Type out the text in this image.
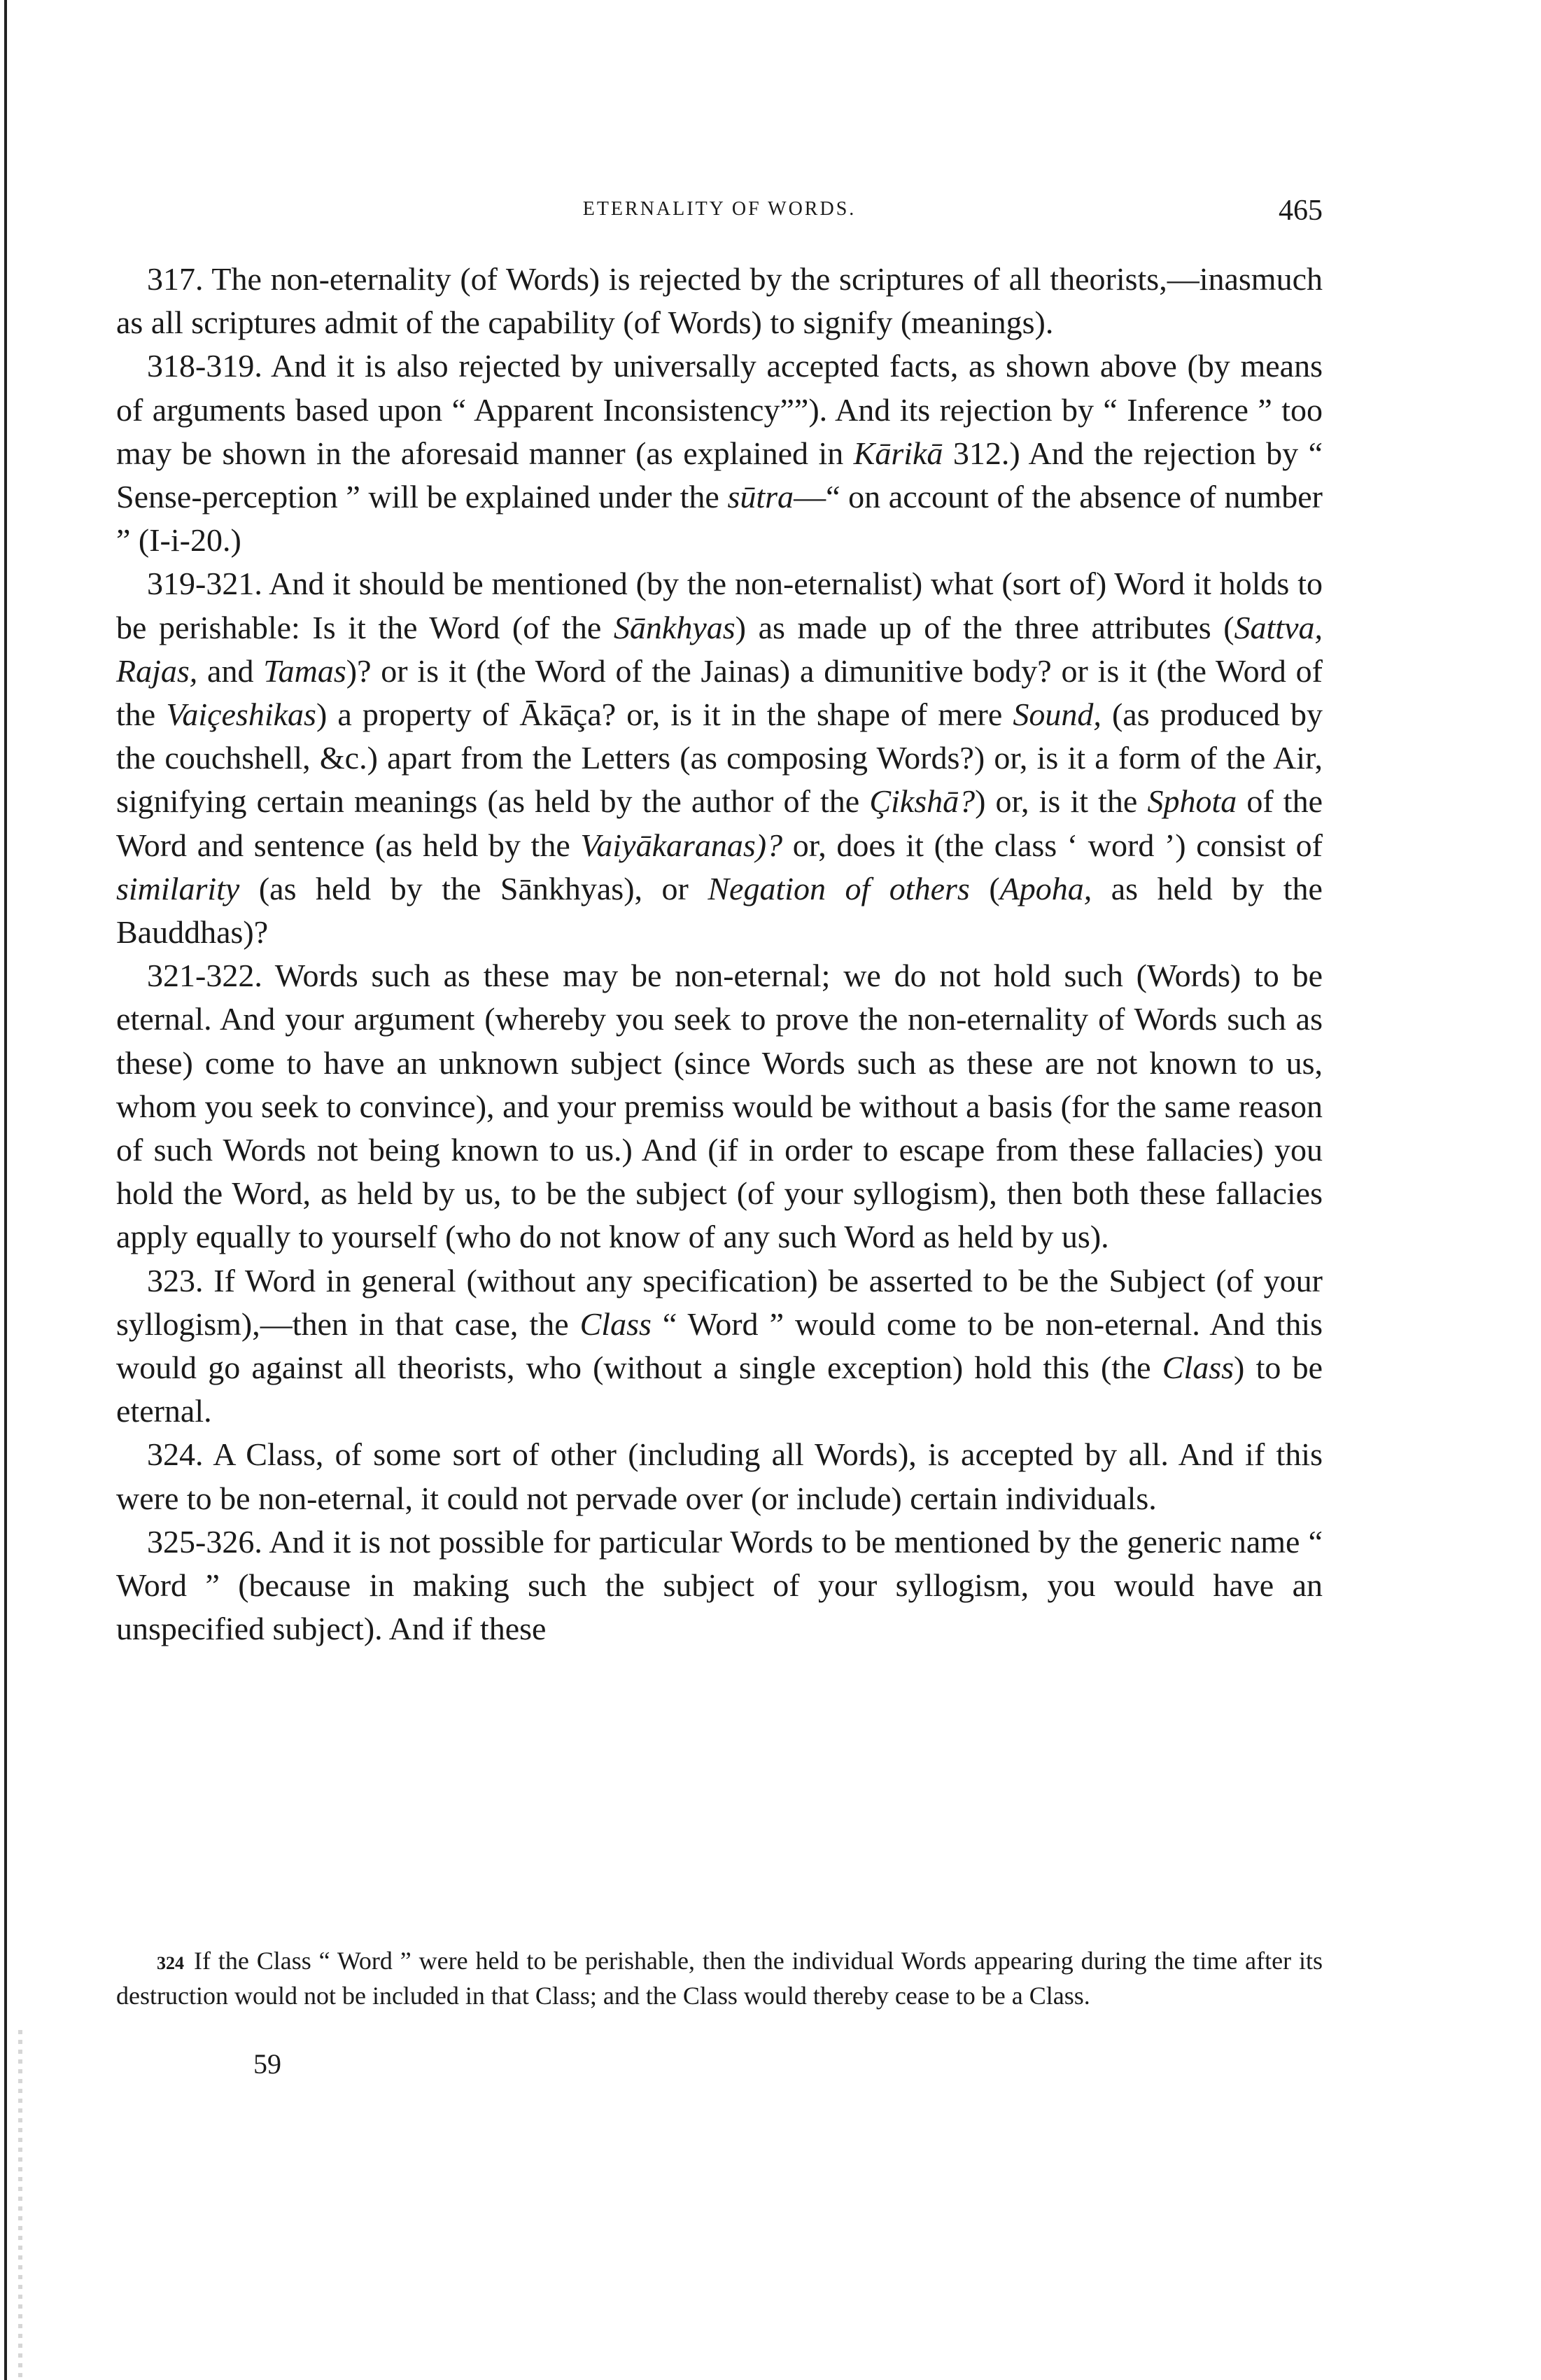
ETERNALITY OF WORDS.	465

317. The non-eternality (of Words) is rejected by the scriptures of all theorists,—inasmuch as all scriptures admit of the capability (of Words) to signify (meanings).

318-319. And it is also rejected by universally accepted facts, as shown above (by means of arguments based upon “ Apparent Inconsistency””). And its rejection by “ Inference ” too may be shown in the aforesaid manner (as explained in Kārikā 312.) And the rejection by “ Sense-perception ” will be explained under the sūtra—“ on account of the absence of number ” (I-i-20.)

319-321. And it should be mentioned (by the non-eternalist) what (sort of) Word it holds to be perishable: Is it the Word (of the Sānkhyas) as made up of the three attributes (Sattva, Rajas, and Tamas)? or is it (the Word of the Jainas) a dimunitive body? or is it (the Word of the Vaiçeshikas) a property of Ākāça? or, is it in the shape of mere Sound, (as produced by the couchshell, &c.) apart from the Letters (as composing Words?) or, is it a form of the Air, signifying certain meanings (as held by the author of the Çikshā?) or, is it the Sphota of the Word and sentence (as held by the Vaiyākaranas)? or, does it (the class ‘ word ’) consist of similarity (as held by the Sānkhyas), or Negation of others (Apoha, as held by the Bauddhas)?

321-322. Words such as these may be non-eternal; we do not hold such (Words) to be eternal. And your argument (whereby you seek to prove the non-eternality of Words such as these) come to have an unknown subject (since Words such as these are not known to us, whom you seek to convince), and your premiss would be without a basis (for the same reason of such Words not being known to us.) And (if in order to escape from these fallacies) you hold the Word, as held by us, to be the subject (of your syllogism), then both these fallacies apply equally to yourself (who do not know of any such Word as held by us).

323. If Word in general (without any specification) be asserted to be the Subject (of your syllogism),—then in that case, the Class “ Word ” would come to be non-eternal. And this would go against all theorists, who (without a single exception) hold this (the Class) to be eternal.

324. A Class, of some sort of other (including all Words), is accepted by all. And if this were to be non-eternal, it could not pervade over (or include) certain individuals.

325-326. And it is not possible for particular Words to be mentioned by the generic name “ Word ” (because in making such the subject of your syllogism, you would have an unspecified subject). And if these

324 If the Class “ Word ” were held to be perishable, then the individual Words appearing during the time after its destruction would not be included in that Class; and the Class would thereby cease to be a Class.
59
